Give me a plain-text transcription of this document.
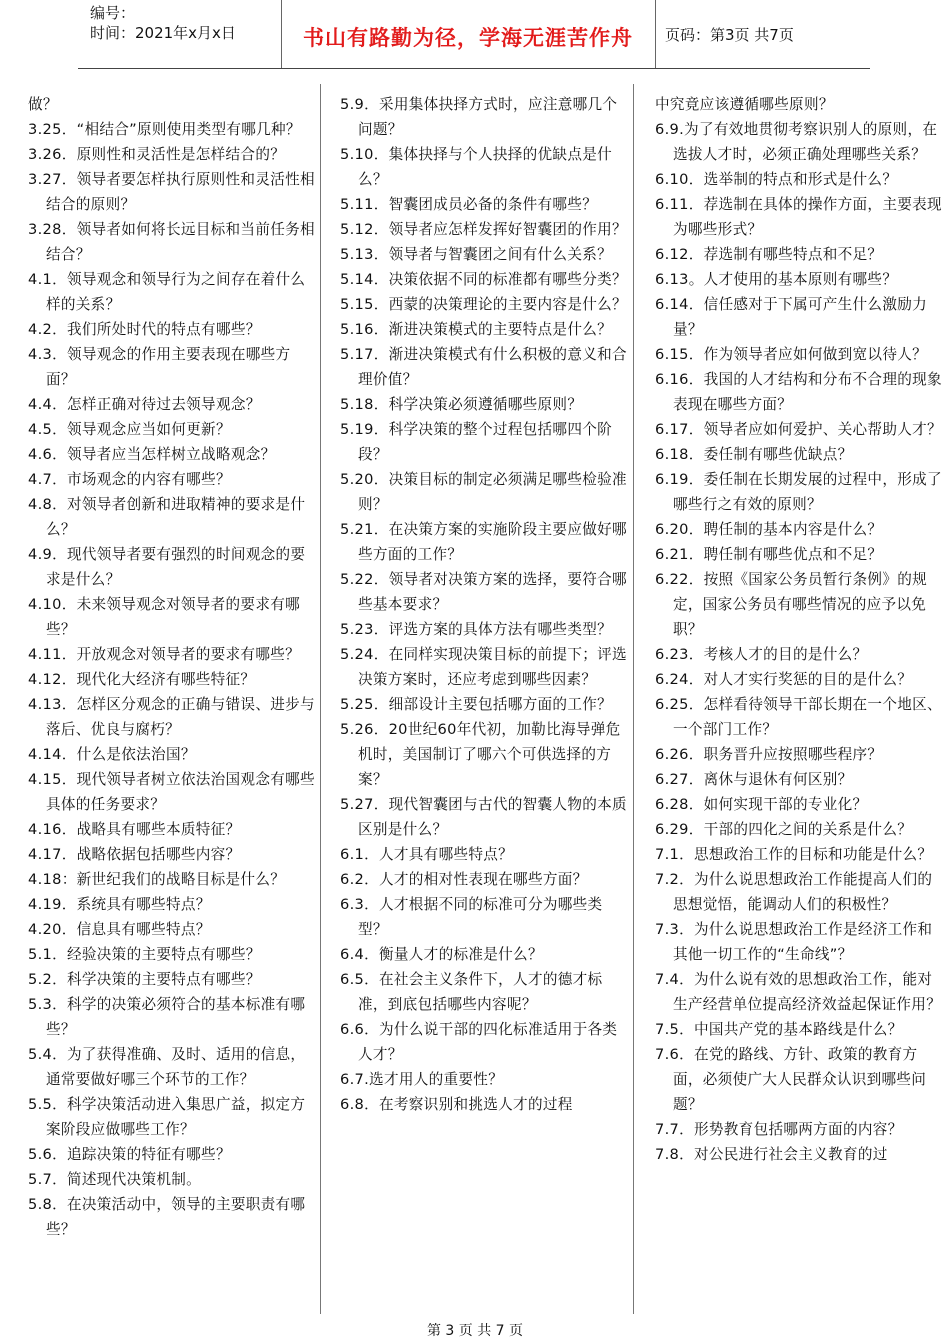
编号：
时间：2021年x月x日	书山有路勤为径，学海无涯苦作舟	页码：第3页 共7页
做？
3.25．“相结合”原则使用类型有哪几种？
3.26．原则性和灵活性是怎样结合的？
3.27．领导者要怎样执行原则性和灵活性相结合的原则？
3.28．领导者如何将长远目标和当前任务相结合？
4.1．领导观念和领导行为之间存在着什么样的关系？
4.2．我们所处时代的特点有哪些？
4.3．领导观念的作用主要表现在哪些方面？
4.4．怎样正确对待过去领导观念？
4.5．领导观念应当如何更新？
4.6．领导者应当怎样树立战略观念？
4.7．市场观念的内容有哪些？
4.8．对领导者创新和进取精神的要求是什么？
4.9．现代领导者要有强烈的时间观念的要求是什么？
4.10．未来领导观念对领导者的要求有哪些？
4.11．开放观念对领导者的要求有哪些？
4.12．现代化大经济有哪些特征？
4.13．怎样区分观念的正确与错误、进步与落后、优良与腐朽？
4.14．什么是依法治国？
4.15．现代领导者树立依法治国观念有哪些具体的任务要求？
4.16．战略具有哪些本质特征？
4.17．战略依据包括哪些内容？
4.18：新世纪我们的战略目标是什么？
4.19．系统具有哪些特点？
4.20．信息具有哪些特点？
5.1．经验决策的主要特点有哪些？
5.2．科学决策的主要特点有哪些？
5.3．科学的决策必须符合的基本标准有哪些？
5.4．为了获得准确、及时、适用的信息，通常要做好哪三个环节的工作？
5.5．科学决策活动进入集思广益，拟定方案阶段应做哪些工作？
5.6．追踪决策的特征有哪些？
5.7．简述现代决策机制。
5.8．在决策活动中，领导的主要职责有哪些？
5.9．采用集体抉择方式时，应注意哪几个问题？
5.10．集体抉择与个人抉择的优缺点是什么？
5.11．智囊团成员必备的条件有哪些？
5.12．领导者应怎样发挥好智囊团的作用？
5.13．领导者与智囊团之间有什么关系？
5.14．决策依据不同的标准都有哪些分类？
5.15．西蒙的决策理论的主要内容是什么？
5.16．渐进决策模式的主要特点是什么？
5.17．渐进决策模式有什么积极的意义和合理价值？
5.18．科学决策必须遵循哪些原则？
5.19．科学决策的整个过程包括哪四个阶段？
5.20．决策目标的制定必须满足哪些检验准则？
5.21．在决策方案的实施阶段主要应做好哪些方面的工作？
5.22．领导者对决策方案的选择，要符合哪些基本要求？
5.23．评选方案的具体方法有哪些类型？
5.24．在同样实现决策目标的前提下；评选决策方案时，还应考虑到哪些因素？
5.25．细部设计主要包括哪方面的工作？
5.26．20世纪60年代初，加勒比海导弹危机时，美国制订了哪六个可供选择的方案？
5.27．现代智囊团与古代的智囊人物的本质区别是什么？
6.1．人才具有哪些特点？
6.2．人才的相对性表现在哪些方面？
6.3．人才根据不同的标准可分为哪些类型？
6.4．衡量人才的标准是什么？
6.5．在社会主义条件下，人才的德才标准，到底包括哪些内容呢？
6.6．为什么说干部的四化标准适用于各类人才？
6.7.选才用人的重要性？
6.8．在考察识别和挑选人才的过程
中究竟应该遵循哪些原则？
6.9.为了有效地贯彻考察识别人的原则，在选拔人才时，必须正确处理哪些关系？
6.10．选举制的特点和形式是什么？
6.11．荐选制在具体的操作方面，主要表现为哪些形式？
6.12．荐选制有哪些特点和不足？
6.13。人才使用的基本原则有哪些？
6.14．信任感对于下属可产生什么激励力量？
6.15．作为领导者应如何做到宽以待人？
6.16．我国的人才结构和分布不合理的现象表现在哪些方面？
6.17．领导者应如何爱护、关心帮助人才？
6.18．委任制有哪些优缺点？
6.19．委任制在长期发展的过程中，形成了哪些行之有效的原则？
6.20．聘任制的基本内容是什么？
6.21．聘任制有哪些优点和不足？
6.22．按照《国家公务员暂行条例》的规定，国家公务员有哪些情况的应予以免职？
6.23．考核人才的目的是什么？
6.24．对人才实行奖惩的目的是什么？
6.25．怎样看待领导干部长期在一个地区、一个部门工作？
6.26．职务晋升应按照哪些程序？
6.27．离休与退休有何区别？
6.28．如何实现干部的专业化？
6.29．干部的四化之间的关系是什么？
7.1．思想政治工作的目标和功能是什么？
7.2．为什么说思想政治工作能提高人们的思想觉悟，能调动人们的积极性？
7.3．为什么说思想政治工作是经济工作和其他一切工作的“生命线”？
7.4．为什么说有效的思想政治工作，能对生产经营单位提高经济效益起保证作用？
7.5．中国共产党的基本路线是什么？
7.6．在党的路线、方针、政策的教育方面，必须使广大人民群众认识到哪些问题？
7.7．形势教育包括哪两方面的内容？
7.8．对公民进行社会主义教育的过
第 3 页 共 7 页
